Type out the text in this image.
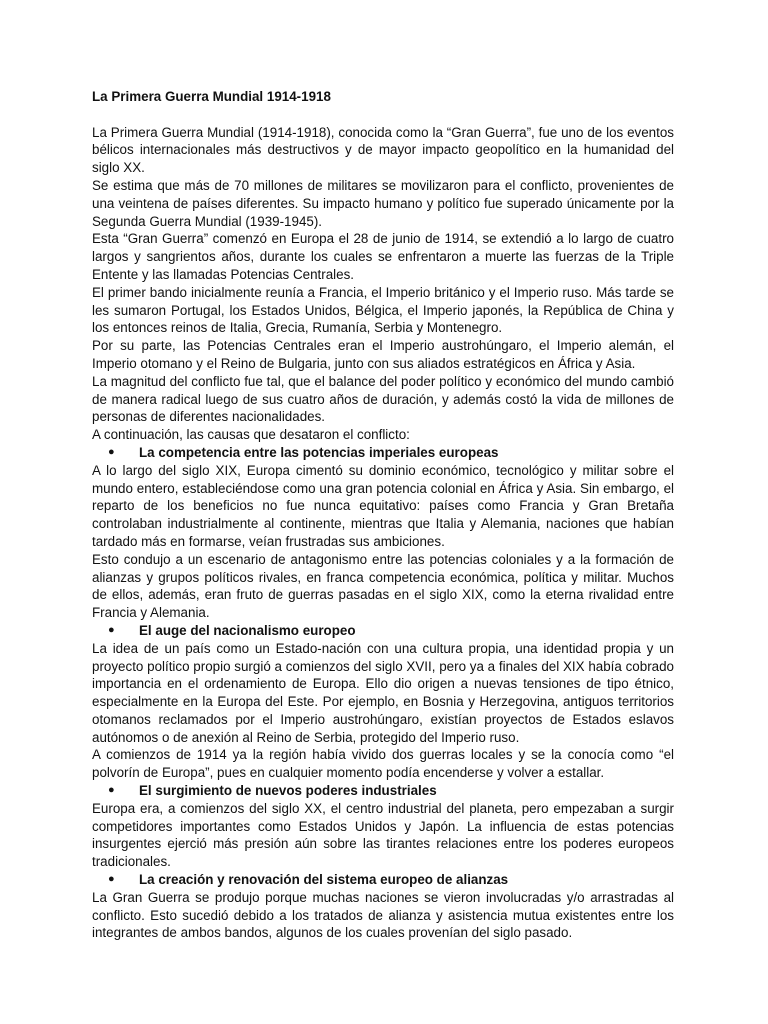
La Primera Guerra Mundial 1914-1918

La Primera Guerra Mundial (1914-1918), conocida como la “Gran Guerra”, fue uno de los eventos bélicos internacionales más destructivos y de mayor impacto geopolítico en la humanidad del siglo XX.

Se estima que más de 70 millones de militares se movilizaron para el conflicto, provenientes de una veintena de países diferentes. Su impacto humano y político fue superado únicamente por la Segunda Guerra Mundial (1939-1945).

Esta “Gran Guerra” comenzó en Europa el 28 de junio de 1914, se extendió a lo largo de cuatro largos y sangrientos años, durante los cuales se enfrentaron a muerte las fuerzas de la Triple Entente y las llamadas Potencias Centrales.

El primer bando inicialmente reunía a Francia, el Imperio británico y el Imperio ruso. Más tarde se les sumaron Portugal, los Estados Unidos, Bélgica, el Imperio japonés, la República de China y los entonces reinos de Italia, Grecia, Rumanía, Serbia y Montenegro.

Por su parte, las Potencias Centrales eran el Imperio austrohúngaro, el Imperio alemán, el Imperio otomano y el Reino de Bulgaria, junto con sus aliados estratégicos en África y Asia.

La magnitud del conflicto fue tal, que el balance del poder político y económico del mundo cambió de manera radical luego de sus cuatro años de duración, y además costó la vida de millones de personas de diferentes nacionalidades.

A continuación, las causas que desataron el conflicto:

● La competencia entre las potencias imperiales europeas

A lo largo del siglo XIX, Europa cimentó su dominio económico, tecnológico y militar sobre el mundo entero, estableciéndose como una gran potencia colonial en África y Asia. Sin embargo, el reparto de los beneficios no fue nunca equitativo: países como Francia y Gran Bretaña controlaban industrialmente al continente, mientras que Italia y Alemania, naciones que habían tardado más en formarse, veían frustradas sus ambiciones.

Esto condujo a un escenario de antagonismo entre las potencias coloniales y a la formación de alianzas y grupos políticos rivales, en franca competencia económica, política y militar. Muchos de ellos, además, eran fruto de guerras pasadas en el siglo XIX, como la eterna rivalidad entre Francia y Alemania.

● El auge del nacionalismo europeo

La idea de un país como un Estado-nación con una cultura propia, una identidad propia y un proyecto político propio surgió a comienzos del siglo XVII, pero ya a finales del XIX había cobrado importancia en el ordenamiento de Europa. Ello dio origen a nuevas tensiones de tipo étnico, especialmente en la Europa del Este. Por ejemplo, en Bosnia y Herzegovina, antiguos territorios otomanos reclamados por el Imperio austrohúngaro, existían proyectos de Estados eslavos autónomos o de anexión al Reino de Serbia, protegido del Imperio ruso.

A comienzos de 1914 ya la región había vivido dos guerras locales y se la conocía como “el polvorín de Europa”, pues en cualquier momento podía encenderse y volver a estallar.

● El surgimiento de nuevos poderes industriales

Europa era, a comienzos del siglo XX, el centro industrial del planeta, pero empezaban a surgir competidores importantes como Estados Unidos y Japón. La influencia de estas potencias insurgentes ejerció más presión aún sobre las tirantes relaciones entre los poderes europeos tradicionales.

● La creación y renovación del sistema europeo de alianzas

La Gran Guerra se produjo porque muchas naciones se vieron involucradas y/o arrastradas al conflicto. Esto sucedió debido a los tratados de alianza y asistencia mutua existentes entre los integrantes de ambos bandos, algunos de los cuales provenían del siglo pasado.
